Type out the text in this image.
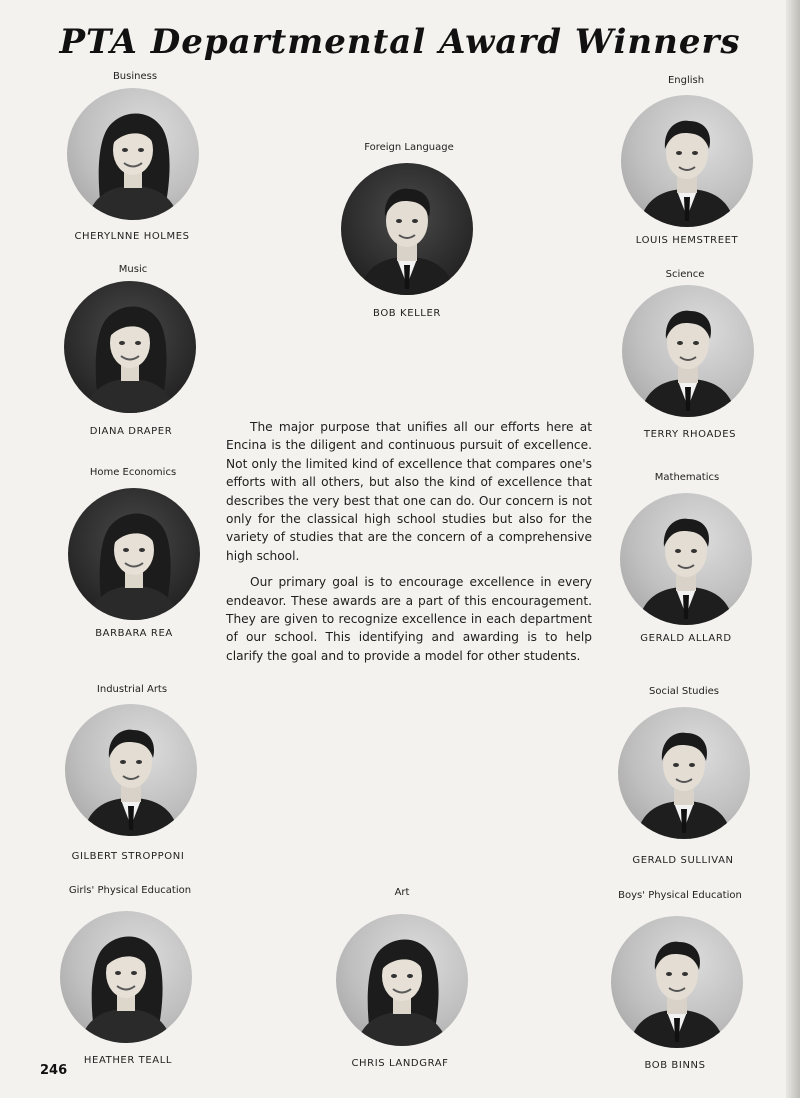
PTA Departmental Award Winners
Business
CHERYLNNE HOLMES
Foreign Language
BOB KELLER
English
LOUIS HEMSTREET
Music
DIANA DRAPER
Science
TERRY RHOADES
Home Economics
BARBARA REA
Mathematics
GERALD ALLARD
Industrial Arts
GILBERT STROPPONI
Social Studies
GERALD SULLIVAN
Girls' Physical Education
HEATHER TEALL
Art
CHRIS LANDGRAF
Boys' Physical Education
BOB BINNS

The major purpose that unifies all our efforts here at Encina is the diligent and continuous pursuit of excellence. Not only the limited kind of excellence that compares one's efforts with all others, but also the kind of excellence that describes the very best that one can do. Our concern is not only for the classical high school studies but also for the variety of studies that are the concern of a comprehensive high school.

Our primary goal is to encourage excellence in every endeavor. These awards are a part of this encouragement. They are given to recognize excellence in each department of our school. This identifying and awarding is to help clarify the goal and to provide a model for other students.

246
